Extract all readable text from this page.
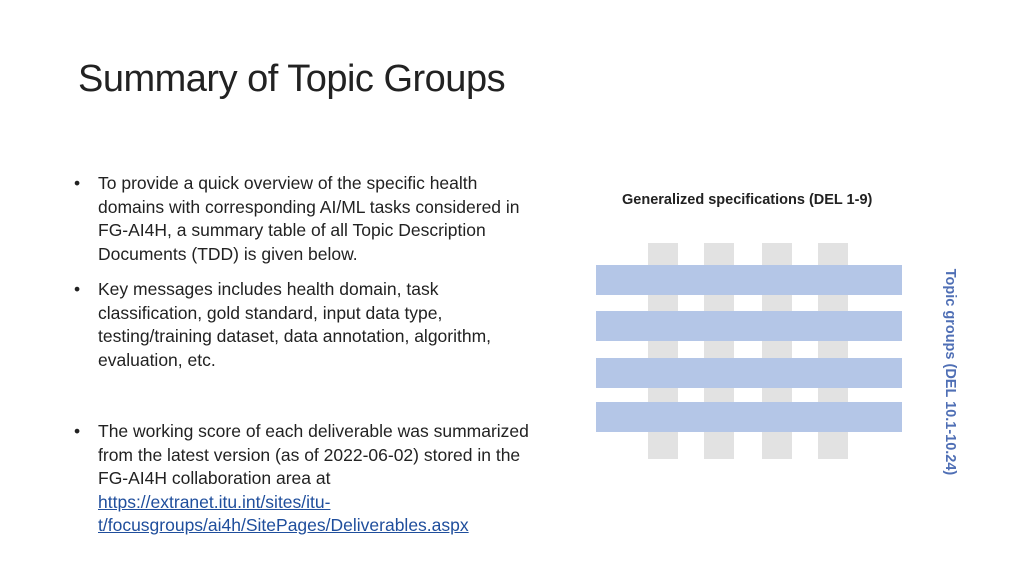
Summary of Topic Groups
• To provide a quick overview of the specific health domains with corresponding AI/ML tasks considered in FG-AI4H, a summary table of all Topic Description Documents (TDD) is given below.
• Key messages includes health domain, task classification, gold standard, input data type, testing/training dataset, data annotation, algorithm, evaluation, etc.
• The working score of each deliverable was summarized from the latest version (as of 2022-06-02) stored in the FG-AI4H collaboration area at https://extranet.itu.int/sites/itu-t/focusgroups/ai4h/SitePages/Deliverables.aspx
Generalized specifications (DEL 1-9)
Topic groups (DEL 10.1-10.24)
